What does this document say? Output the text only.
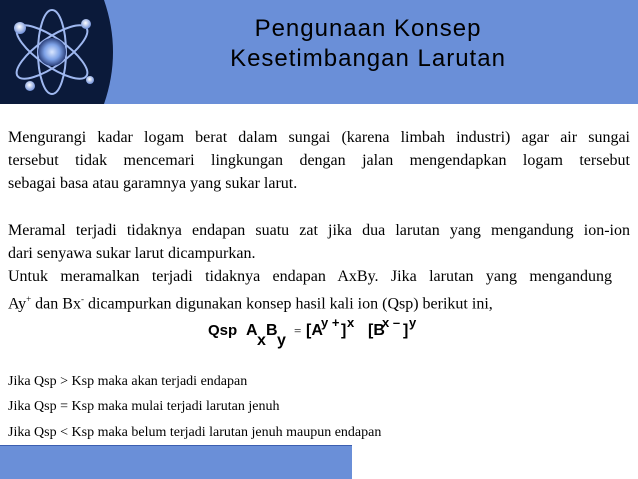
Pengunaan Konsep
Kesetimbangan Larutan

Mengurangi kadar logam berat dalam sungai (karena limbah industri) agar air sungai
tersebut tidak mencemari lingkungan dengan jalan mengendapkan logam tersebut
sebagai basa atau garamnya yang sukar larut.

Meramal terjadi tidaknya endapan suatu zat jika dua larutan yang mengandung ion-ion
dari senyawa sukar larut dicampurkan.
Untuk meramalkan terjadi tidaknya endapan AxBy. Jika larutan yang mengandung
Ay+ dan Bx- dicampurkan digunakan konsep hasil kali ion (Qsp) berikut ini,

Qsp A
x
B
y
= [A
y + ] x [B
x – ] y

Jika Qsp > Ksp maka akan terjadi endapan

Jika Qsp = Ksp maka mulai terjadi larutan jenuh

Jika Qsp < Ksp maka belum terjadi larutan jenuh maupun endapan
